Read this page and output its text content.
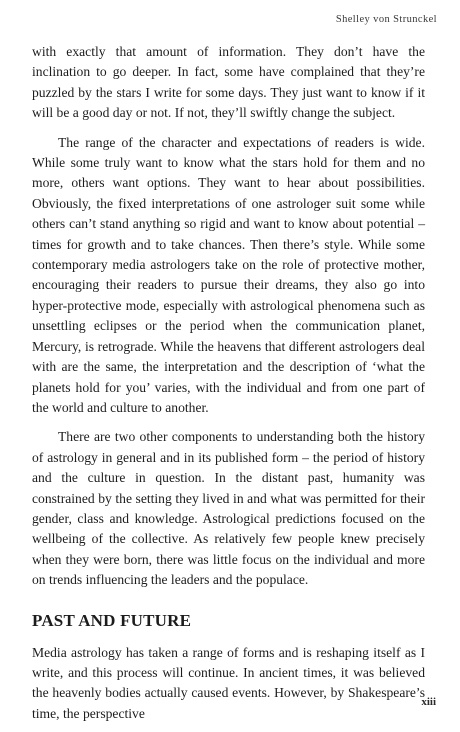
Shelley von Strunckel

with exactly that amount of information. They don’t have the inclination to go deeper. In fact, some have complained that they’re puzzled by the stars I write for some days. They just want to know if it will be a good day or not. If not, they’ll swiftly change the subject.

The range of the character and expectations of readers is wide. While some truly want to know what the stars hold for them and no more, others want options. They want to hear about possibilities. Obviously, the fixed interpretations of one astrologer suit some while others can’t stand anything so rigid and want to know about potential – times for growth and to take chances. Then there’s style. While some contemporary media astrologers take on the role of protective mother, encouraging their readers to pursue their dreams, they also go into hyper-protective mode, especially with astrological phenomena such as unsettling eclipses or the period when the communication planet, Mercury, is retrograde. While the heavens that different astrologers deal with are the same, the interpretation and the description of ‘what the planets hold for you’ varies, with the individual and from one part of the world and culture to another.

There are two other components to understanding both the history of astrology in general and in its published form – the period of history and the culture in question. In the distant past, humanity was constrained by the setting they lived in and what was permitted for their gender, class and knowledge. Astrological predictions focused on the wellbeing of the collective. As relatively few people knew precisely when they were born, there was little focus on the individual and more on trends influencing the leaders and the populace.

PAST AND FUTURE

Media astrology has taken a range of forms and is reshaping itself as I write, and this process will continue. In ancient times, it was believed the heavenly bodies actually caused events. However, by Shakespeare’s time, the perspective

xiii
